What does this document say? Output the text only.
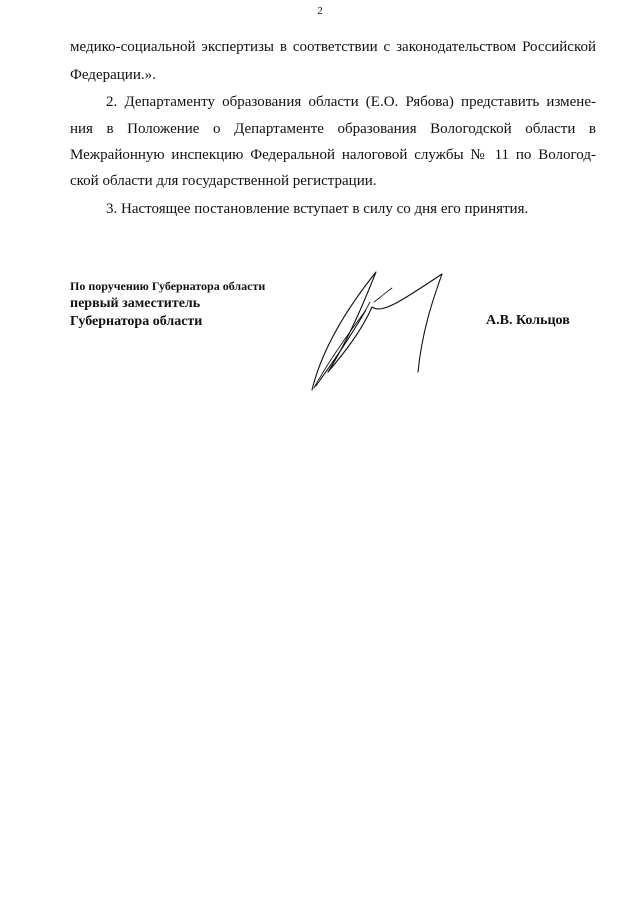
2
медико-социальной экспертизы в соответствии с законодательством Российской
Федерации.».
2. Департаменту образования области (Е.О. Рябова) представить измене-
ния в Положение о Департаменте образования Вологодской области в
Межрайонную инспекцию Федеральной налоговой службы № 11 по Вологод-
ской области для государственной регистрации.
3. Настоящее постановление вступает в силу со дня его принятия.
По поручению Губернатора области
первый заместитель
Губернатора области	А.В. Кольцов
